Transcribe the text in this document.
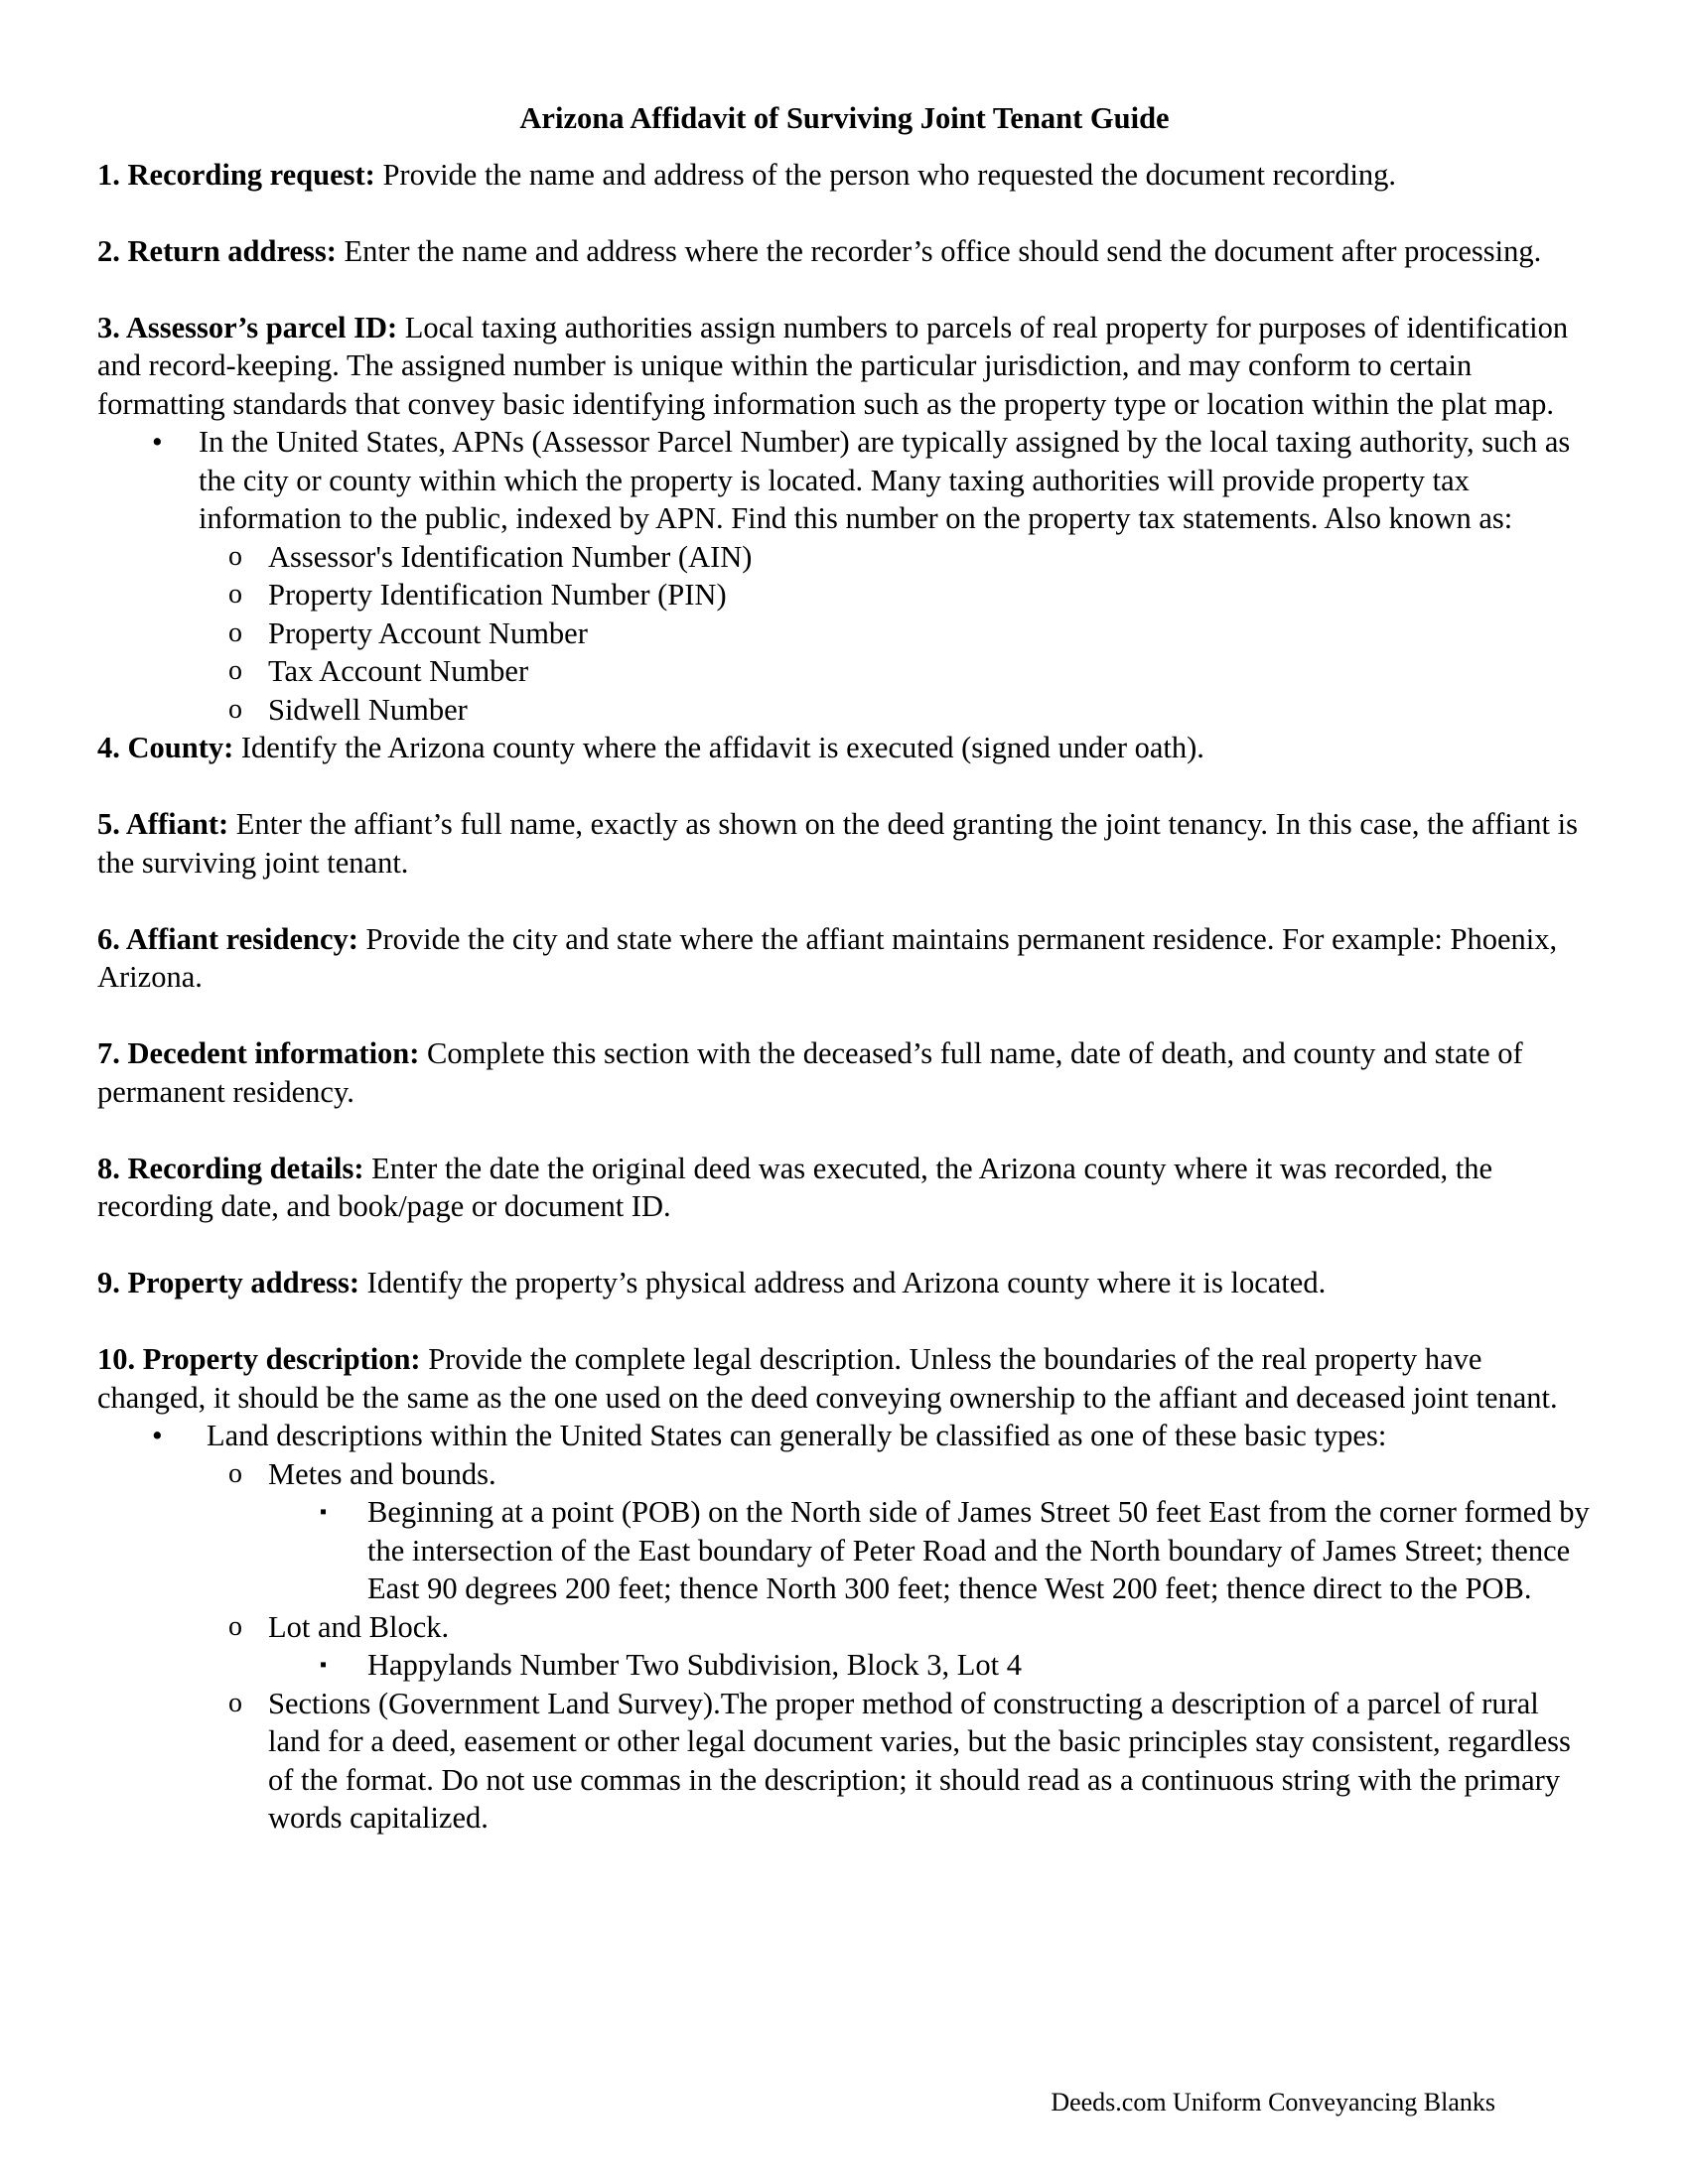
Arizona Affidavit of Surviving Joint Tenant Guide

1. Recording request: Provide the name and address of the person who requested the document recording.

2. Return address: Enter the name and address where the recorder’s office should send the document after processing.

3. Assessor’s parcel ID: Local taxing authorities assign numbers to parcels of real property for purposes of identification and record-keeping. The assigned number is unique within the particular jurisdiction, and may conform to certain formatting standards that convey basic identifying information such as the property type or location within the plat map.

• In the United States, APNs (Assessor Parcel Number) are typically assigned by the local taxing authority, such as the city or county within which the property is located. Many taxing authorities will provide property tax information to the public, indexed by APN. Find this number on the property tax statements. Also known as:
o Assessor's Identification Number (AIN)
o Property Identification Number (PIN)
o Property Account Number
o Tax Account Number
o Sidwell Number

4. County: Identify the Arizona county where the affidavit is executed (signed under oath).

5. Affiant: Enter the affiant’s full name, exactly as shown on the deed granting the joint tenancy. In this case, the affiant is the surviving joint tenant.

6. Affiant residency: Provide the city and state where the affiant maintains permanent residence. For example: Phoenix, Arizona.

7. Decedent information: Complete this section with the deceased’s full name, date of death, and county and state of permanent residency.

8. Recording details: Enter the date the original deed was executed, the Arizona county where it was recorded, the recording date, and book/page or document ID.

9. Property address: Identify the property’s physical address and Arizona county where it is located.

10. Property description: Provide the complete legal description. Unless the boundaries of the real property have changed, it should be the same as the one used on the deed conveying ownership to the affiant and deceased joint tenant.

• Land descriptions within the United States can generally be classified as one of these basic types:
o Metes and bounds.
▪ Beginning at a point (POB) on the North side of James Street 50 feet East from the corner formed by the intersection of the East boundary of Peter Road and the North boundary of James Street; thence East 90 degrees 200 feet; thence North 300 feet; thence West 200 feet; thence direct to the POB.
o Lot and Block.
▪ Happylands Number Two Subdivision, Block 3, Lot 4
o Sections (Government Land Survey).The proper method of constructing a description of a parcel of rural land for a deed, easement or other legal document varies, but the basic principles stay consistent, regardless of the format. Do not use commas in the description; it should read as a continuous string with the primary words capitalized.
Deeds.com Uniform Conveyancing Blanks
